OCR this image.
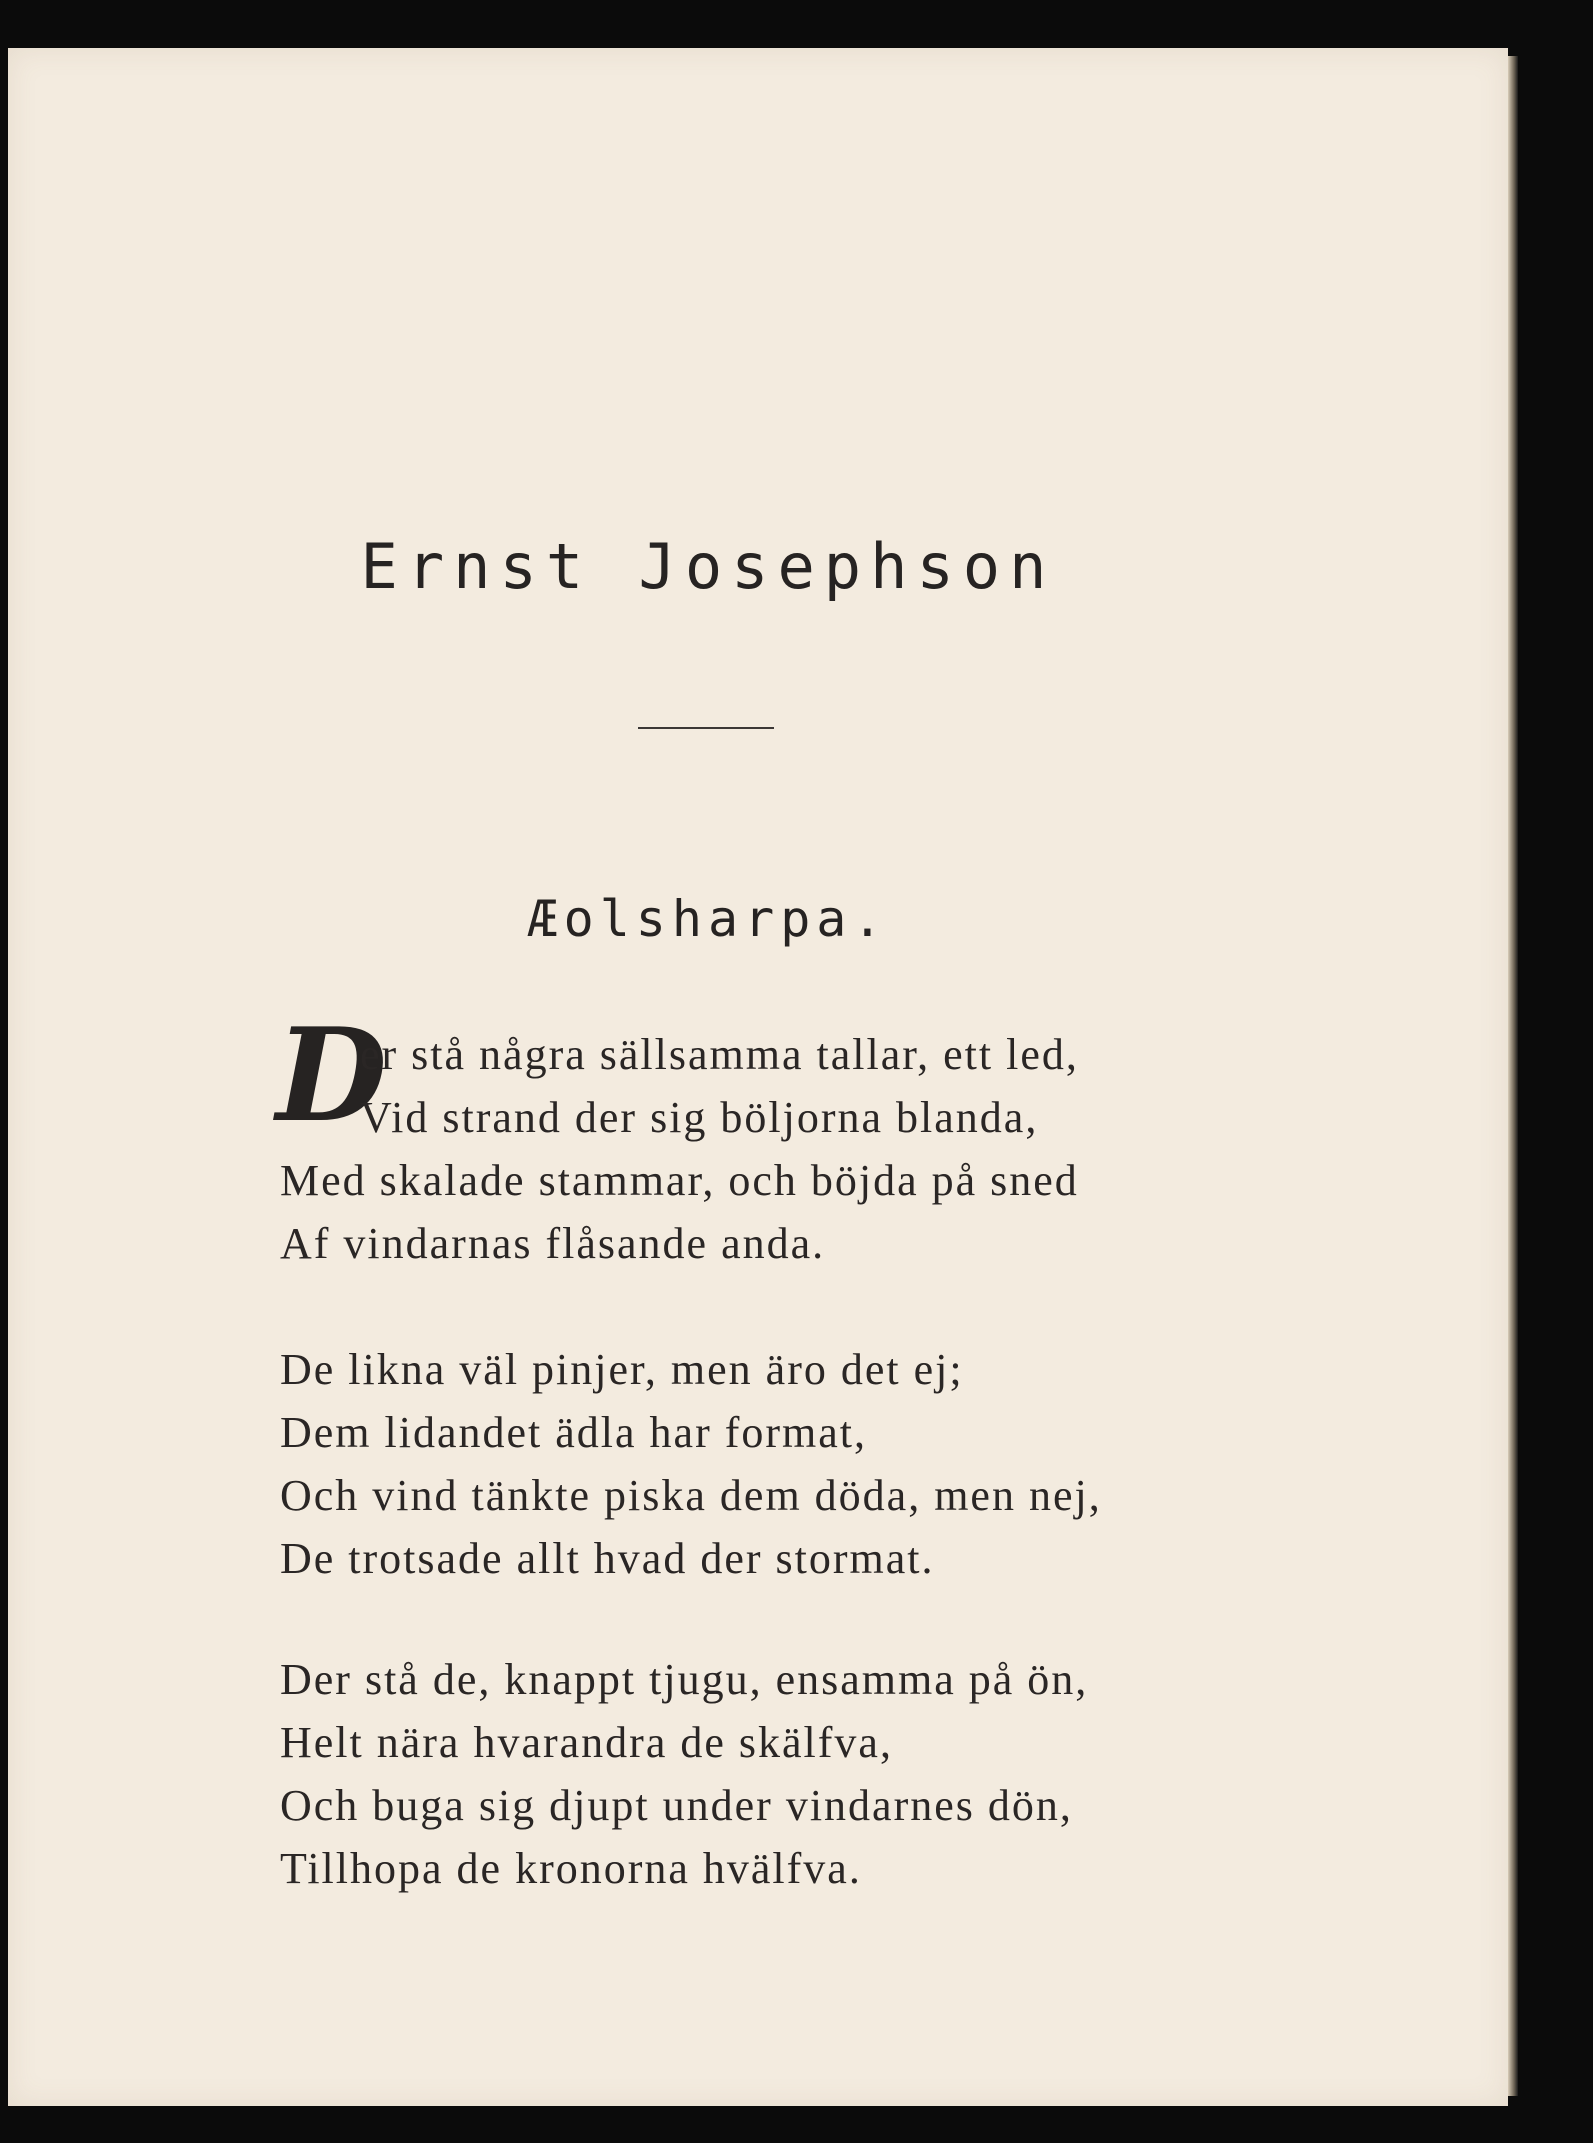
Ernst Josephson
Æolsharpa.
D
er stå några sällsamma tallar, ett led,
Vid strand der sig böljorna blanda,
Med skalade stammar, och böjda på sned
Af vindarnas flåsande anda.
De likna väl pinjer, men äro det ej;
Dem lidandet ädla har format,
Och vind tänkte piska dem döda, men nej,
De trotsade allt hvad der stormat.
Der stå de, knappt tjugu, ensamma på ön,
Helt nära hvarandra de skälfva,
Och buga sig djupt under vindarnes dön,
Tillhopa de kronorna hvälfva.
